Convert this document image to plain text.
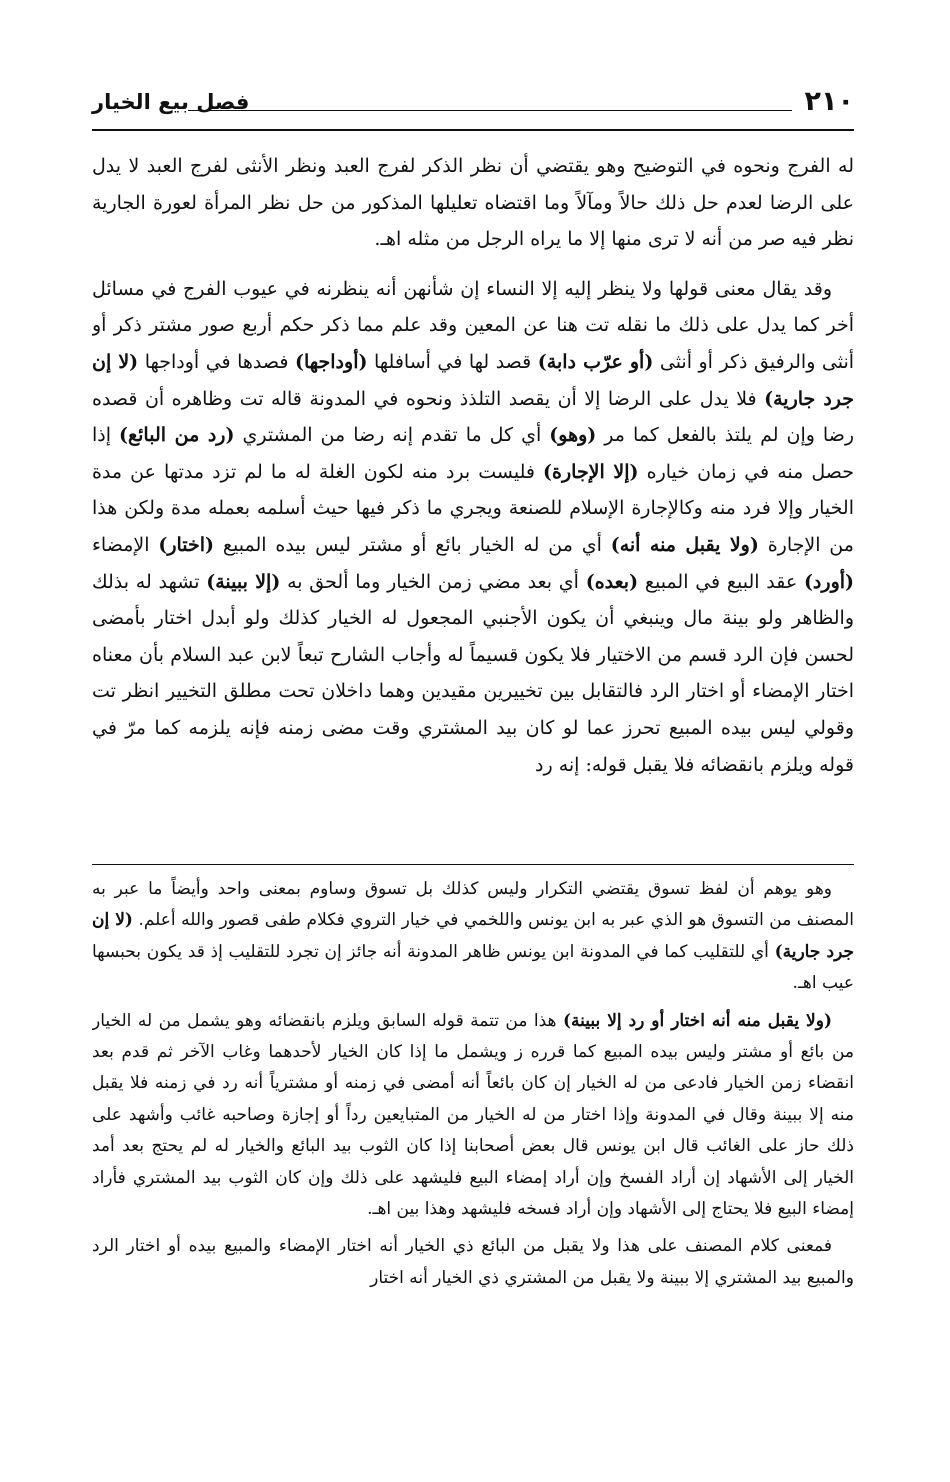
٢١٠
فصل بيع الخيار

له الفرج ونحوه في التوضيح وهو يقتضي أن نظر الذكر لفرج العبد ونظر الأنثى لفرج العبد لا يدل على الرضا لعدم حل ذلك حالاً ومآلاً وما اقتضاه تعليلها المذكور من حل نظر المرأة لعورة الجارية نظر فيه صر من أنه لا ترى منها إلا ما يراه الرجل من مثله اهـ.

وقد يقال معنى قولها ولا ينظر إليه إلا النساء إن شأنهن أنه ينظرنه في عيوب الفرج في مسائل أخر كما يدل على ذلك ما نقله تت هنا عن المعين وقد علم مما ذكر حكم أربع صور مشتر ذكر أو أنثى والرفيق ذكر أو أنثى (أو عرّب دابة) قصد لها في أسافلها (أوداجها) فصدها في أوداجها (لا إن جرد جارية) فلا يدل على الرضا إلا أن يقصد التلذذ ونحوه في المدونة قاله تت وظاهره أن قصده رضا وإن لم يلتذ بالفعل كما مر (وهو) أي كل ما تقدم إنه رضا من المشتري (رد من البائع) إذا حصل منه في زمان خياره (إلا الإجارة) فليست برد منه لكون الغلة له ما لم تزد مدتها عن مدة الخيار وإلا فرد منه وكالإجارة الإسلام للصنعة ويجري ما ذكر فيها حيث أسلمه بعمله مدة ولكن هذا من الإجارة (ولا يقبل منه أنه) أي من له الخيار بائع أو مشتر ليس بيده المبيع (اختار) الإمضاء (أورد) عقد البيع في المبيع (بعده) أي بعد مضي زمن الخيار وما ألحق به (إلا ببينة) تشهد له بذلك والظاهر ولو بينة مال وينبغي أن يكون الأجنبي المجعول له الخيار كذلك ولو أبدل اختار بأمضى لحسن فإن الرد قسم من الاختيار فلا يكون قسيماً له وأجاب الشارح تبعاً لابن عبد السلام بأن معناه اختار الإمضاء أو اختار الرد فالتقابل بين تخييرين مقيدين وهما داخلان تحت مطلق التخيير انظر تت وقولي ليس بيده المبيع تحرز عما لو كان بيد المشتري وقت مضى زمنه فإنه يلزمه كما مرّ في قوله ويلزم بانقضائه فلا يقبل قوله: إنه رد

وهو يوهم أن لفظ تسوق يقتضي التكرار وليس كذلك بل تسوق وساوم بمعنى واحد وأيضاً ما عبر به المصنف من التسوق هو الذي عبر به ابن يونس واللخمي في خيار التروي فكلام طفى قصور والله أعلم. (لا إن جرد جارية) أي للتقليب كما في المدونة ابن يونس ظاهر المدونة أنه جائز إن تجرد للتقليب إذ قد يكون بحبسها عيب اهـ.

(ولا يقبل منه أنه اختار أو رد إلا ببينة) هذا من تتمة قوله السابق ويلزم بانقضائه وهو يشمل من له الخيار من بائع أو مشتر وليس بيده المبيع كما قرره ز ويشمل ما إذا كان الخيار لأحدهما وغاب الآخر ثم قدم بعد انقضاء زمن الخيار فادعى من له الخيار إن كان بائعاً أنه أمضى في زمنه أو مشترياً أنه رد في زمنه فلا يقبل منه إلا ببينة وقال في المدونة وإذا اختار من له الخيار من المتبايعين رداً أو إجازة وصاحبه غائب وأشهد على ذلك حاز على الغائب قال ابن يونس قال بعض أصحابنا إذا كان الثوب بيد البائع والخيار له لم يحتج بعد أمد الخيار إلى الأشهاد إن أراد الفسخ وإن أراد إمضاء البيع فليشهد على ذلك وإن كان الثوب بيد المشتري فأراد إمضاء البيع فلا يحتاج إلى الأشهاد وإن أراد فسخه فليشهد وهذا بين اهـ.

فمعنى كلام المصنف على هذا ولا يقبل من البائع ذي الخيار أنه اختار الإمضاء والمبيع بيده أو اختار الرد والمبيع بيد المشتري إلا ببينة ولا يقبل من المشتري ذي الخيار أنه اختار
